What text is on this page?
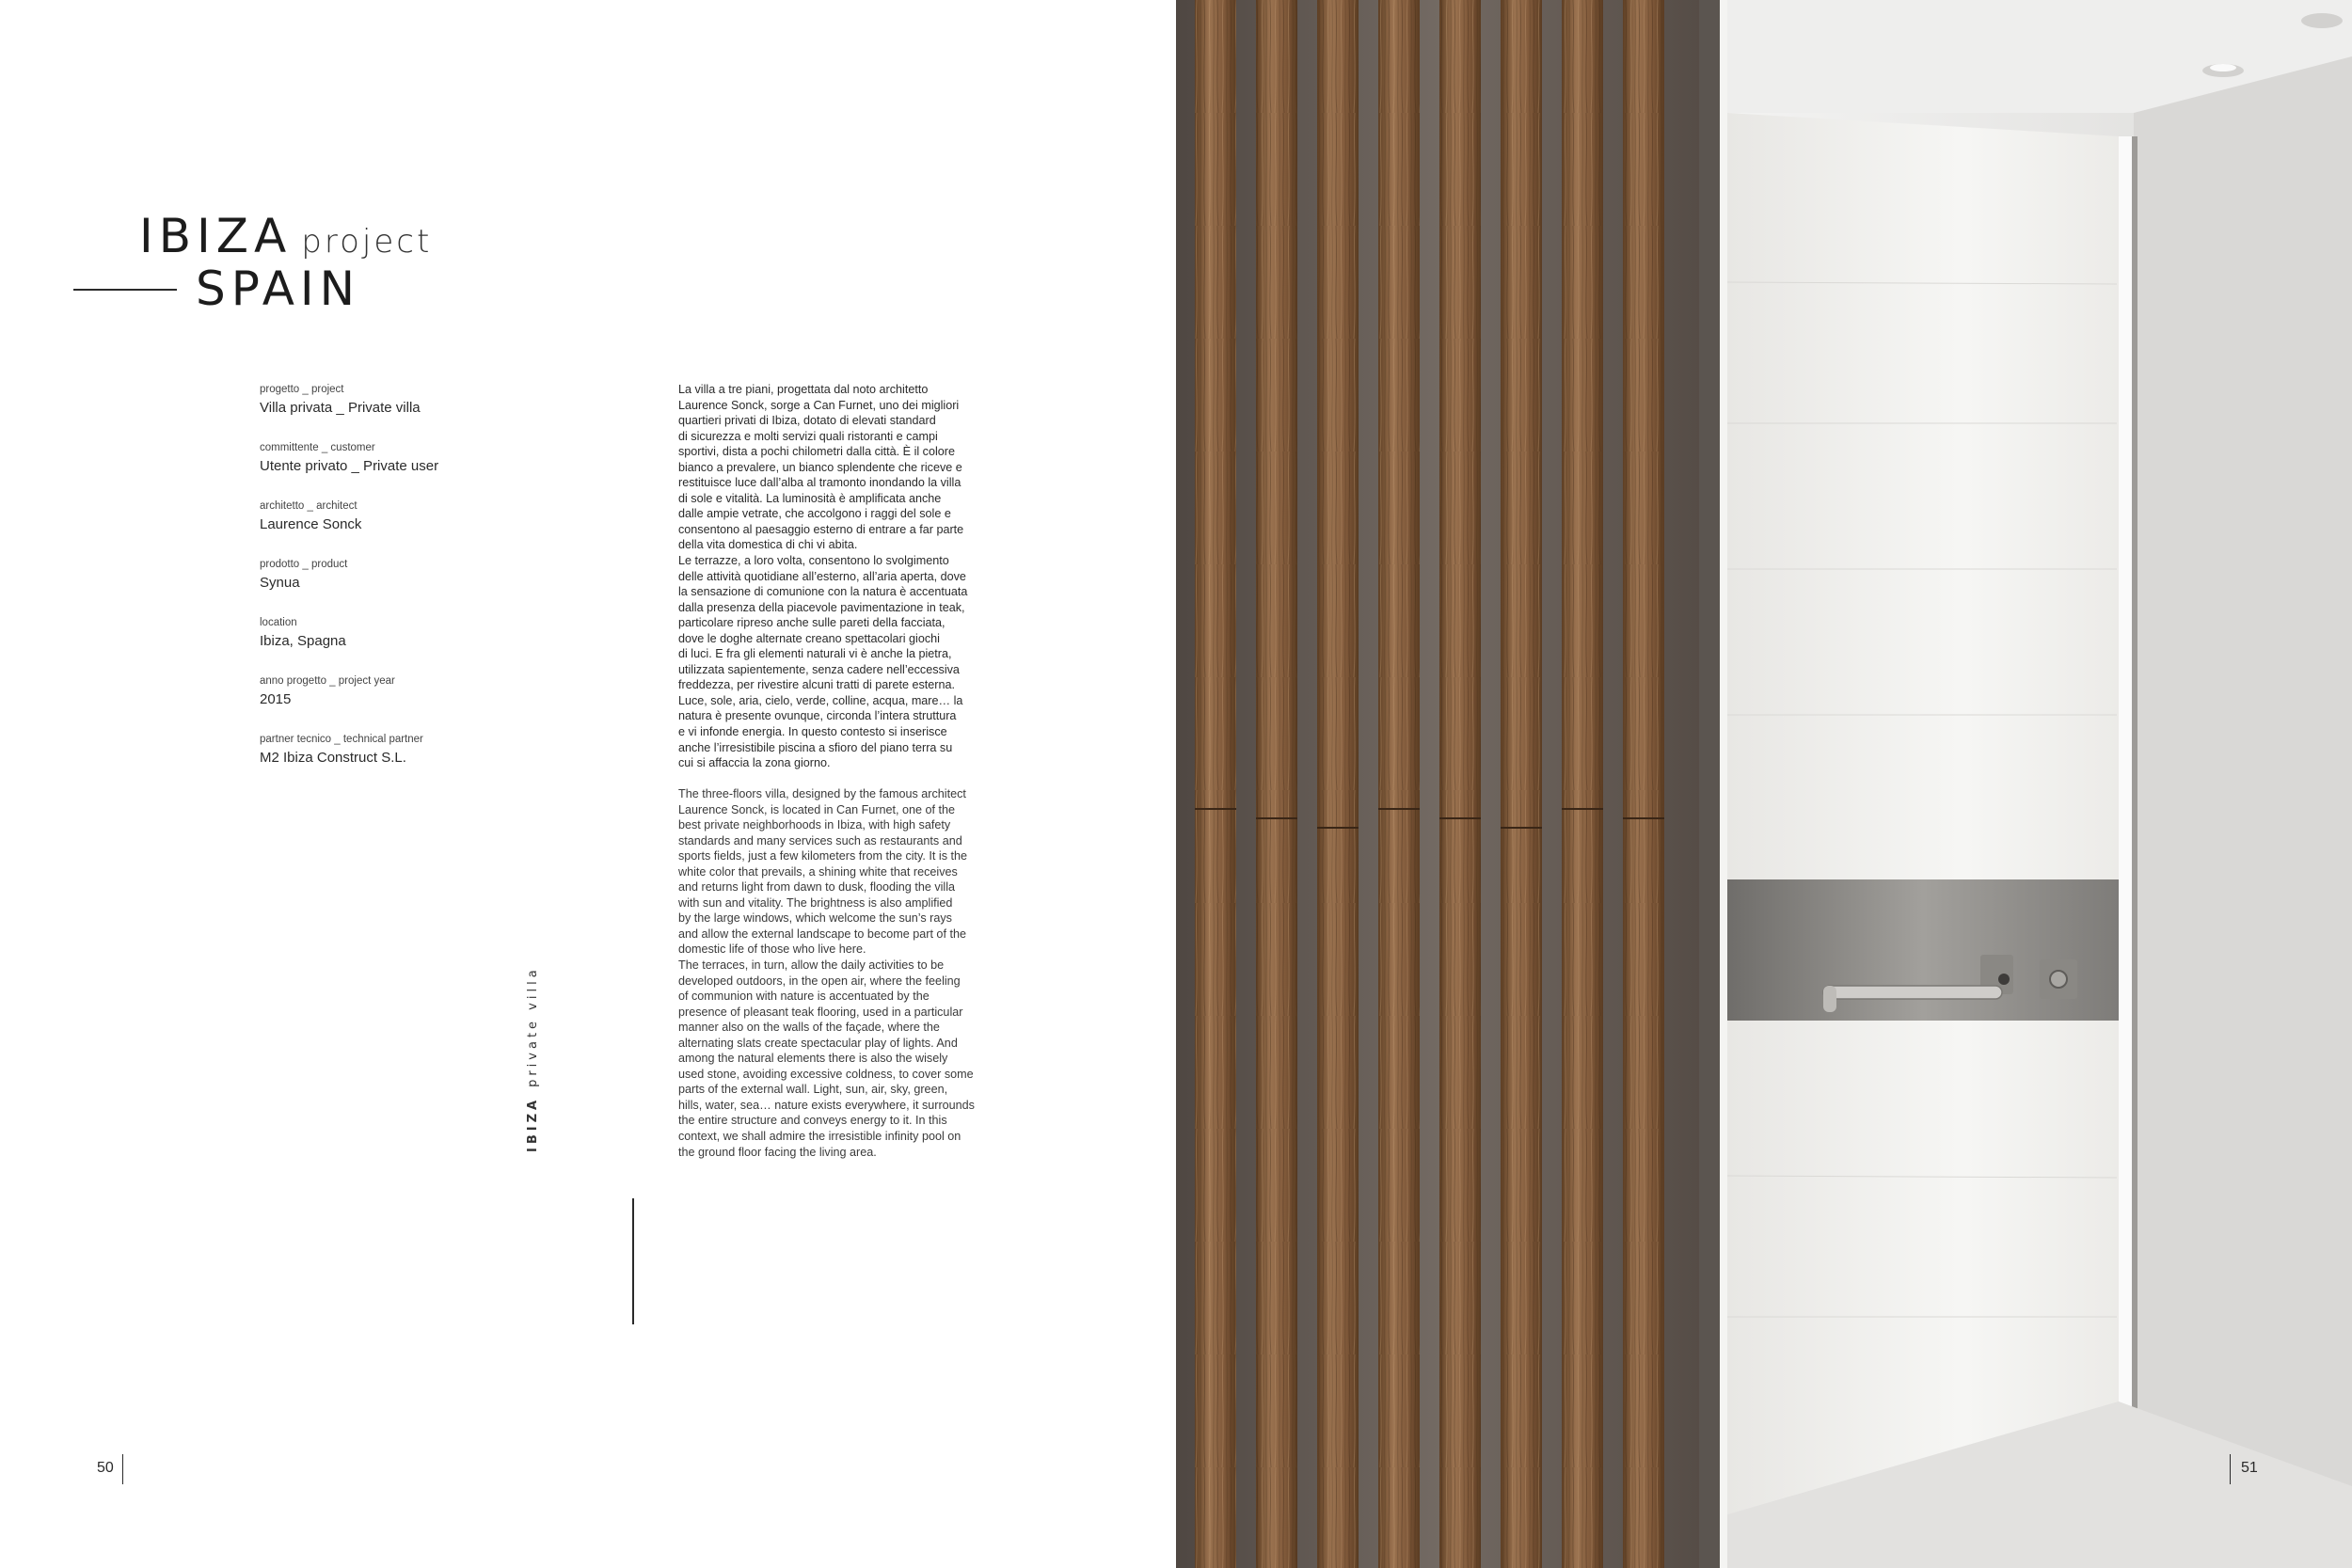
IBIZA project
SPAIN
progetto _ project
Villa privata _ Private villa
committente _ customer
Utente privato _ Private user
architetto _ architect
Laurence Sonck
prodotto _ product
Synua
location
Ibiza, Spagna
anno progetto _ project year
2015
partner tecnico _ technical partner
M2 Ibiza Construct S.L.
La villa a tre piani, progettata dal noto architetto
Laurence Sonck, sorge a Can Furnet, uno dei migliori
quartieri privati di Ibiza, dotato di elevati standard
di sicurezza e molti servizi quali ristoranti e campi
sportivi, dista a pochi chilometri dalla città. È il colore
bianco a prevalere, un bianco splendente che riceve e
restituisce luce dall’alba al tramonto inondando la villa
di sole e vitalità. La luminosità è amplificata anche
dalle ampie vetrate, che accolgono i raggi del sole e
consentono al paesaggio esterno di entrare a far parte
della vita domestica di chi vi abita.
Le terrazze, a loro volta, consentono lo svolgimento
delle attività quotidiane all’esterno, all’aria aperta, dove
la sensazione di comunione con la natura è accentuata
dalla presenza della piacevole pavimentazione in teak,
particolare ripreso anche sulle pareti della facciata,
dove le doghe alternate creano spettacolari giochi
di luci. E fra gli elementi naturali vi è anche la pietra,
utilizzata sapientemente, senza cadere nell’eccessiva
freddezza, per rivestire alcuni tratti di parete esterna.
Luce, sole, aria, cielo, verde, colline, acqua, mare… la
natura è presente ovunque, circonda l’intera struttura
e vi infonde energia. In questo contesto si inserisce
anche l’irresistibile piscina a sfioro del piano terra su
cui si affaccia la zona giorno.
The three-floors villa, designed by the famous architect
Laurence Sonck, is located in Can Furnet, one of the
best private neighborhoods in Ibiza, with high safety
standards and many services such as restaurants and
sports fields, just a few kilometers from the city. It is the
white color that prevails, a shining white that receives
and returns light from dawn to dusk, flooding the villa
with sun and vitality. The brightness is also amplified
by the large windows, which welcome the sun’s rays
and allow the external landscape to become part of the
domestic life of those who live here.
The terraces, in turn, allow the daily activities to be
developed outdoors, in the open air, where the feeling
of communion with nature is accentuated by the
presence of pleasant teak flooring, used in a particular
manner also on the walls of the façade, where the
alternating slats create spectacular play of lights. And
among the natural elements there is also the wisely
used stone, avoiding excessive coldness, to cover some
parts of the external wall. Light, sun, air, sky, green,
hills, water, sea… nature exists everywhere, it surrounds
the entire structure and conveys energy to it. In this
context, we shall admire the irresistible infinity pool on
the ground floor facing the living area.
IBIZAprivate villa
50	51
